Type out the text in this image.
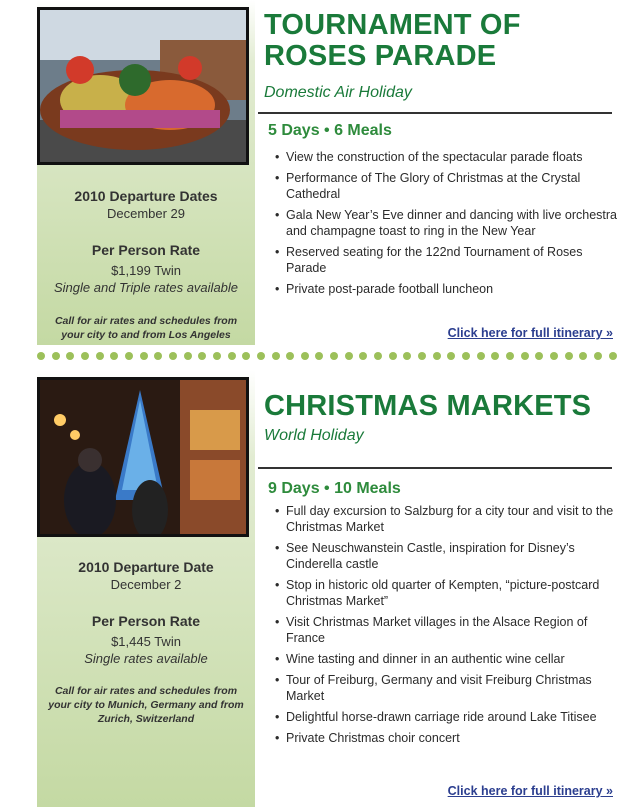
TOURNAMENT OF
ROSES PARADE
Domestic Air Holiday
5 Days • 6 Meals
• View the construction of the spectacular parade floats
• Performance of The Glory of Christmas at the Crystal Cathedral
• Gala New Year’s Eve dinner and dancing with live orchestra and champagne toast to ring in the New Year
• Reserved seating for the 122nd Tournament of Roses Parade
• Private post-parade football luncheon
2010 Departure Dates
December 29
Per Person Rate
$1,199 Twin
Single and Triple rates available
Call for air rates and schedules from your city to and from Los Angeles	Click here for full itinerary »
CHRISTMAS MARKETS
World Holiday
9 Days • 10 Meals
• Full day excursion to Salzburg for a city tour and visit to the Christmas Market
• See Neuschwanstein Castle, inspiration for Disney’s Cinderella castle
• Stop in historic old quarter of Kempten, “picture-postcard Christmas Market”
• Visit Christmas Market villages in the Alsace Region of France
• Wine tasting and dinner in an authentic wine cellar
• Tour of Freiburg, Germany and visit Freiburg Christmas Market
• Delightful horse-drawn carriage ride around Lake Titisee
• Private Christmas choir concert
2010 Departure Date
December 2
Per Person Rate
$1,445 Twin
Single rates available
Call for air rates and schedules from your city to Munich, Germany and from Zurich, Switzerland
Click here for full itinerary »
